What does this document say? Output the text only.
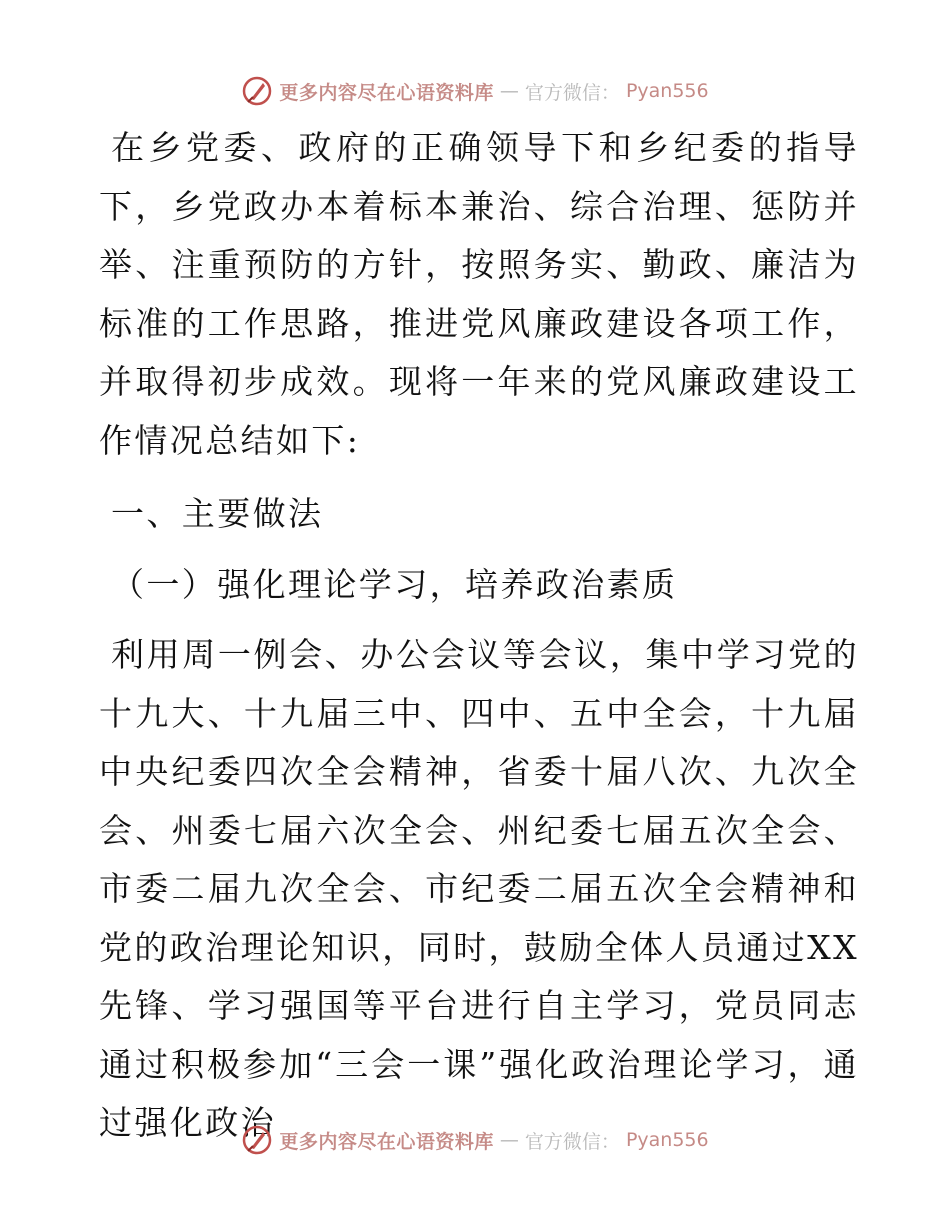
更多内容尽在心语资料库 — 官方微信： Pyan556

在乡党委、政府的正确领导下和乡纪委的指导下，乡党政办本着标本兼治、综合治理、惩防并举、注重预防的方针，按照务实、勤政、廉洁为标准的工作思路，推进党风廉政建设各项工作，并取得初步成效。现将一年来的党风廉政建设工作情况总结如下:

一、主要做法

（一）强化理论学习，培养政治素质

利用周一例会、办公会议等会议，集中学习党的十九大、十九届三中、四中、五中全会，十九届中央纪委四次全会精神，省委十届八次、九次全会、州委七届六次全会、州纪委七届五次全会、市委二届九次全会、市纪委二届五次全会精神和党的政治理论知识，同时，鼓励全体人员通过XX先锋、学习强国等平台进行自主学习，党员同志通过积极参加“三会一课”强化政治理论学习，通过强化政治 更多内容尽在心语资料库 — 官方微信： Pyan556
